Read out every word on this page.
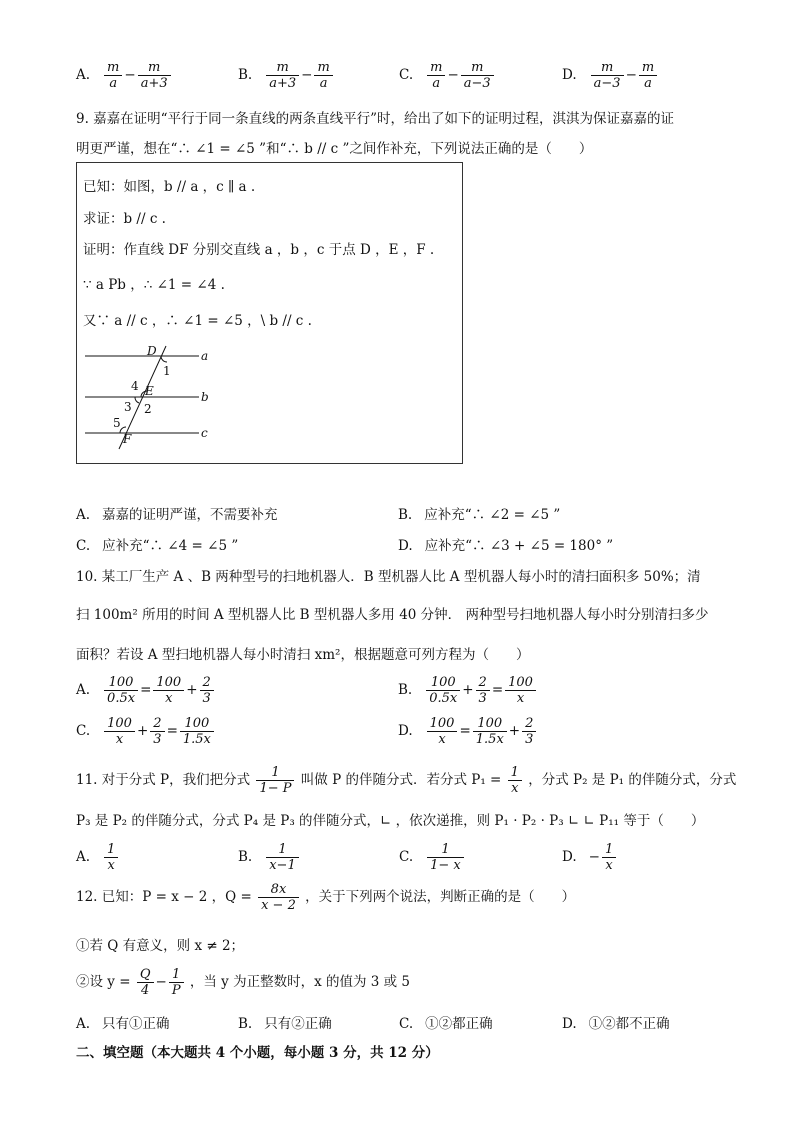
A. $\frac{m}{a} - \frac{m}{a+3}$	B. $\frac{m}{a+3} - \frac{m}{a}$	C. $\frac{m}{a} - \frac{m}{a-3}$	D. $\frac{m}{a-3} - \frac{m}{a}$
9. 嘉嘉在证明“平行于同一条直线的两条直线平行”时，给出了如下的证明过程，淇淇为保证嘉嘉的证
明更严谨，想在“∴ ∠1 = ∠5 ”和“∴ b // c ”之间作补充，下列说法正确的是（　　）
已知：如图，b // a ，c ∥ a .
求证：b // c .
证明：作直线 DF 分别交直线 a ，b ，c 于点 D ，E ，F .
∵ a Pb ，∴ ∠1 = ∠4 .
又∵ a // c ，∴ ∠1 = ∠5 ，\ b // c .
D
E
F
a
b
c
1
2
3
4
5
A. 嘉嘉的证明严谨，不需要补充	B. 应补充“∴ ∠2 = ∠5 ”
C. 应补充“∴ ∠4 = ∠5 ”	D. 应补充“∴ ∠3 + ∠5 = 180° ”
10. 某工厂生产 A 、B 两种型号的扫地机器人．B 型机器人比 A 型机器人每小时的清扫面积多 50%；清
扫 100m² 所用的时间 A 型机器人比 B 型机器人多用 40 分钟． 两种型号扫地机器人每小时分别清扫多少
面积？若设 A 型扫地机器人每小时清扫 xm²，根据题意可列方程为（　　）
A. $\frac{100}{0.5x} = \frac{100}{x} + \frac{2}{3}$	B. $\frac{100}{0.5x} + \frac{2}{3} = \frac{100}{x}$
C. $\frac{100}{x} + \frac{2}{3} = \frac{100}{1.5x}$	D. $\frac{100}{x} = \frac{100}{1.5x} + \frac{2}{3}$
11. 对于分式 P，我们把分式 $\frac{1}{1- P}$ 叫做 P 的伴随分式．若分式 $P_1 = \frac{1}{x}$ ，分式 P₂ 是 P₁ 的伴随分式，分式
P₃ 是 P₂ 的伴随分式，分式 P₄ 是 P₃ 的伴随分式，∟ ，依次递推，则 P₁ · P₂ · P₃ ∟ ∟ P₁₁ 等于（　　）
A. $\frac{1}{x}$	B. $\frac{1}{x-1}$	C. $\frac{1}{1- x}$	D. − $\frac{1}{x}$
12. 已知：P = x − 2 ，$Q = \frac{8x}{x - 2}$ ，关于下列两个说法，判断正确的是（　　）
①若 Q 有意义，则 x ≠ 2；
②设 $y = \frac{Q}{4} - \frac{1}{P}$ ，当 y 为正整数时，x 的值为 3 或 5
A. 只有①正确	B. 只有②正确	C. ①②都正确	D. ①②都不正确
二、填空题（本大题共 4 个小题，每小题 3 分，共 12 分）
